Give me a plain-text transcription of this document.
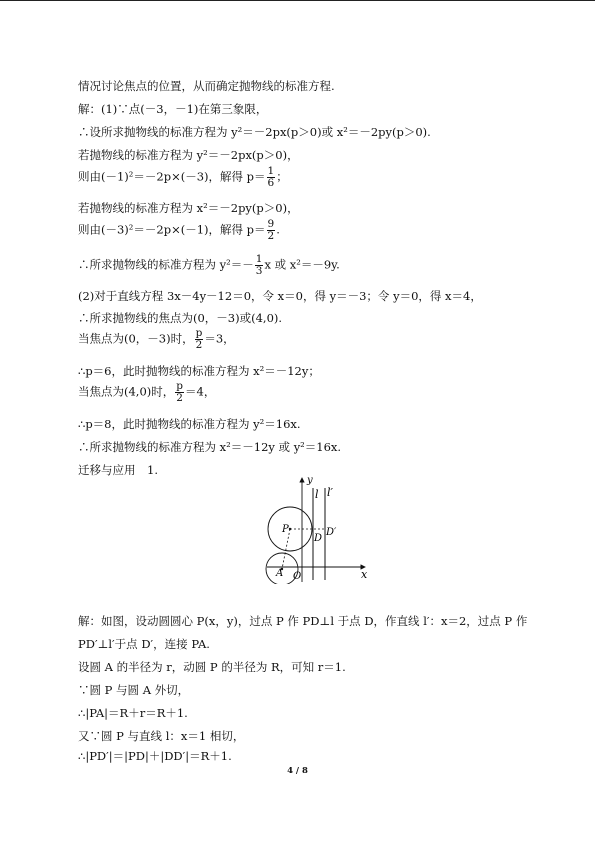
情况讨论焦点的位置，从而确定抛物线的标准方程.
解：(1)∵点(－3，－1)在第三象限，
∴设所求抛物线的标准方程为 y²＝－2px(p＞0)或 x²＝－2py(p＞0).
若抛物线的标准方程为 y²＝－2px(p＞0)，
则由(－1)²＝－2p×(－3)，解得 $p= \frac{1}{6}$ ；
若抛物线的标准方程为 x²＝－2py(p＞0)，
则由(－3)²＝－2p×(－1)，解得 $p= \frac{9}{2}$ .
∴所求抛物线的标准方程为 $y^2=- \frac{1}{3}$ x 或 x²＝－9y.
(2)对于直线方程 3x－4y－12＝0，令 x＝0，得 y＝－3；令 y＝0，得 x＝4，
∴所求抛物线的焦点为(0，－3)或(4,0).
当焦点为(0，－3)时， $\frac{p}{2} =3$，
∴p＝6，此时抛物线的标准方程为 x²＝－12y；
当焦点为(4,0)时， $\frac{p}{2} =4$，
∴p＝8，此时抛物线的标准方程为 y²＝16x.
∴所求抛物线的标准方程为 x²＝－12y 或 y²＝16x.
迁移与应用　1.
y
x
l l′
P
D
D′
A O
解：如图，设动圆圆心 P(x，y)，过点 P 作 PD⊥l 于点 D，作直线 l′：x＝2，过点 P 作
PD′⊥l′于点 D′，连接 PA.
设圆 A 的半径为 r，动圆 P 的半径为 R，可知 r＝1.
∵圆 P 与圆 A 外切，
∴|PA|＝R＋r＝R＋1.
又∵圆 P 与直线 l：x＝1 相切，
∴|PD′|＝|PD|＋|DD′|＝R＋1.
4 / 8
